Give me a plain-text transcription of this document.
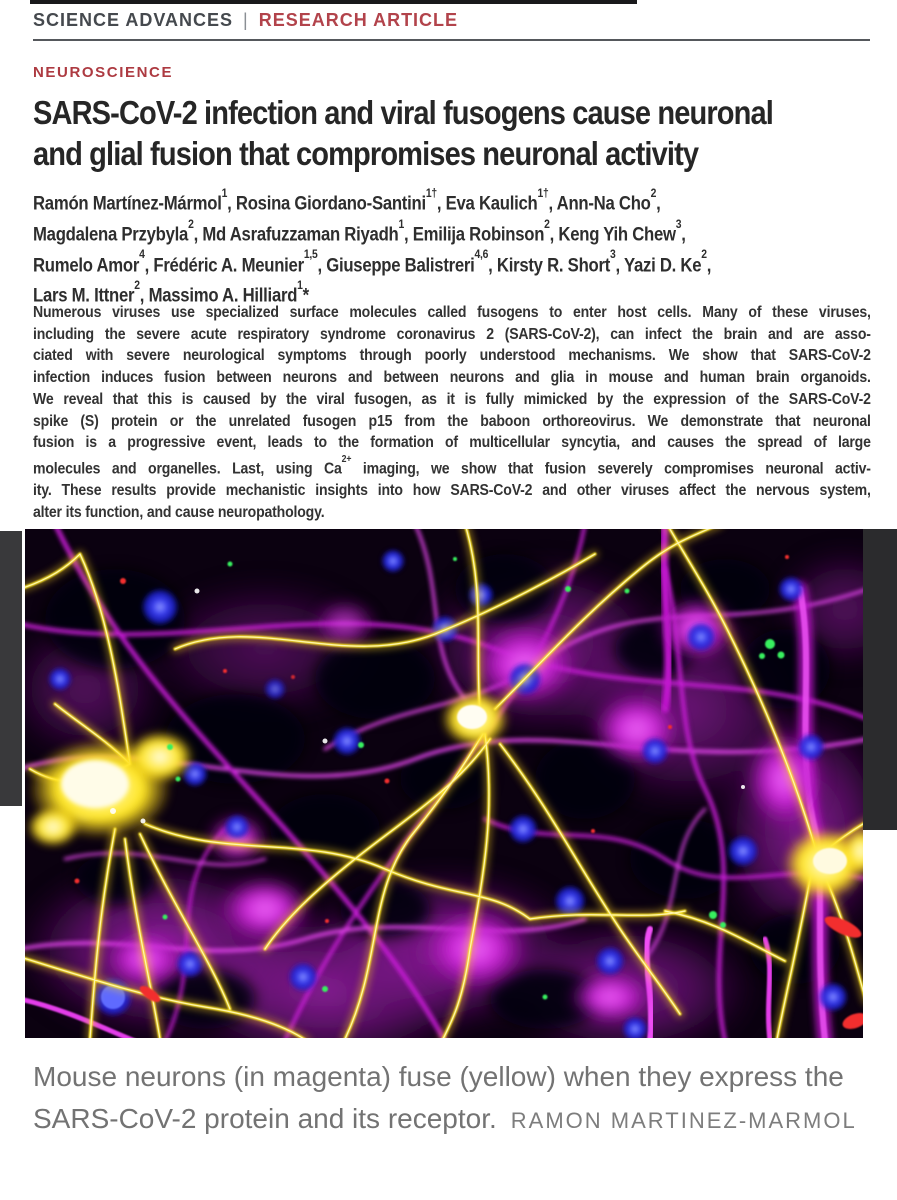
SCIENCE ADVANCES | RESEARCH ARTICLE
NEUROSCIENCE
SARS-CoV-2 infection and viral fusogens cause neuronal
and glial fusion that compromises neuronal activity
Ramón Martínez-Mármol$^1$, Rosina Giordano-Santini$^{1\dagger}$, Eva Kaulich$^{1\dagger}$, Ann-Na Cho$^2$,
Magdalena Przybyla$^2$, Md Asrafuzzaman Riyadh$^1$, Emilija Robinson$^2$, Keng Yih Chew$^3$,
Rumelo Amor$^4$, Frédéric A. Meunier$^{1,5}$, Giuseppe Balistreri$^{4,6}$, Kirsty R. Short$^3$, Yazi D. Ke$^2$,
Lars M. Ittner$^2$, Massimo A. Hilliard$^1$*
Numerous viruses use specialized surface molecules called fusogens to enter host cells. Many of these viruses,
including the severe acute respiratory syndrome coronavirus 2 (SARS-CoV-2), can infect the brain and are asso-
ciated with severe neurological symptoms through poorly understood mechanisms. We show that SARS-CoV-2
infection induces fusion between neurons and between neurons and glia in mouse and human brain organoids.
We reveal that this is caused by the viral fusogen, as it is fully mimicked by the expression of the SARS-CoV-2
spike (S) protein or the unrelated fusogen p15 from the baboon orthoreovirus. We demonstrate that neuronal
fusion is a progressive event, leads to the formation of multicellular syncytia, and causes the spread of large
molecules and organelles. Last, using $Ca^{2+}$ imaging, we show that fusion severely compromises neuronal activ-
ity. These results provide mechanistic insights into how SARS-CoV-2 and other viruses affect the nervous system,
alter its function, and cause neuropathology.
Mouse neurons (in magenta) fuse (yellow) when they express the SARS-CoV-2 protein and its receptor. RAMON MARTINEZ-MARMOL
